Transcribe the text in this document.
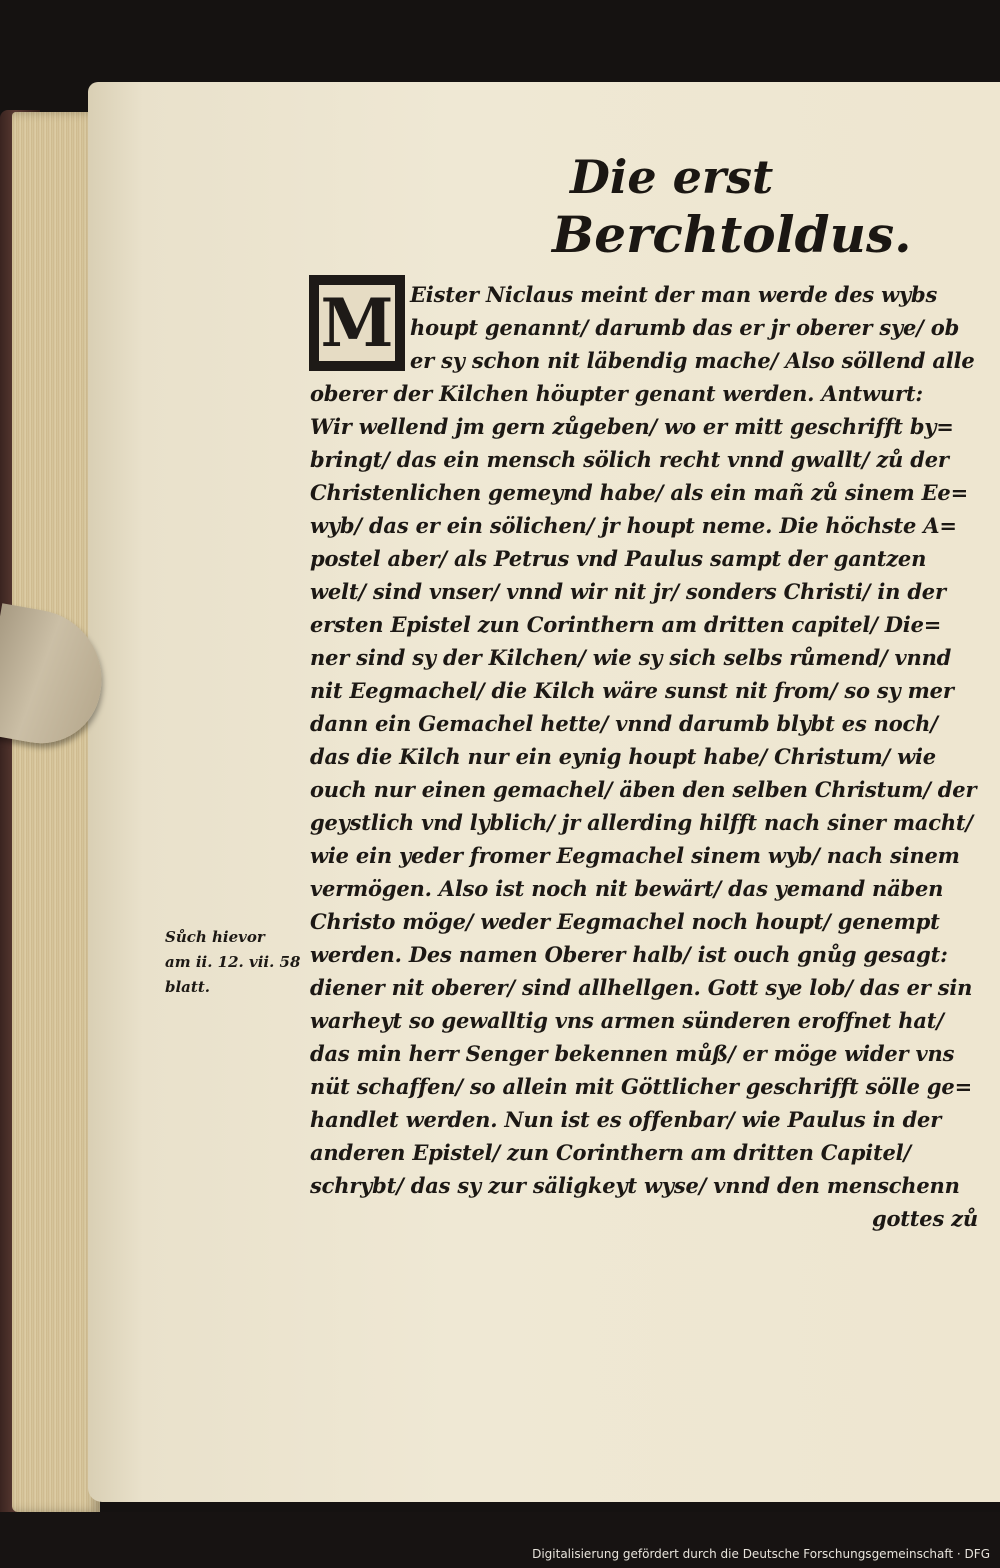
Die erst
Berchtoldus.
M Eister Niclaus meint der man werde des wybs
houpt genannt/ darumb das er jr oberer sye/ ob
er sy schon nit läbendig mache/ Also söllend alle
oberer der Kilchen höupter genant werden. Antwurt:
Wir wellend jm gern zůgeben/ wo er mitt geschrifft by=
bringt/ das ein mensch sölich recht vnnd gwallt/ zů der
Christenlichen gemeynd habe/ als ein mañ zů sinem Ee=
wyb/ das er ein sölichen/ jr houpt neme. Die höchste A=
postel aber/ als Petrus vnd Paulus sampt der gantzen
welt/ sind vnser/ vnnd wir nit jr/ sonders Christi/ in der
ersten Epistel zun Corinthern am dritten capitel/ Die=
ner sind sy der Kilchen/ wie sy sich selbs růmend/ vnnd
nit Eegmachel/ die Kilch wäre sunst nit from/ so sy mer
dann ein Gemachel hette/ vnnd darumb blybt es noch/
das die Kilch nur ein eynig houpt habe/ Christum/ wie
ouch nur einen gemachel/ äben den selben Christum/ der
geystlich vnd lyblich/ jr allerding hilfft nach siner macht/
wie ein yeder fromer Eegmachel sinem wyb/ nach sinem
vermögen. Also ist noch nit bewärt/ das yemand näben
Christo möge/ weder Eegmachel noch houpt/ genempt
werden. Des namen Oberer halb/ ist ouch gnůg gesagt:
diener nit oberer/ sind allhellgen. Gott sye lob/ das er sin
warheyt so gewalltig vns armen sünderen eroffnet hat/
das min herr Senger bekennen můß/ er möge wider vns
nüt schaffen/ so allein mit Göttlicher geschrifft sölle ge=
handlet werden. Nun ist es offenbar/ wie Paulus in der
anderen Epistel/ zun Corinthern am dritten Capitel/
schrybt/ das sy zur säligkeyt wyse/ vnnd den menschenn
gottes zů
Sůch hievor
am ii. 12. vii. 58
blatt.
Digitalisierung gefördert durch die Deutsche Forschungsgemeinschaft · DFG
